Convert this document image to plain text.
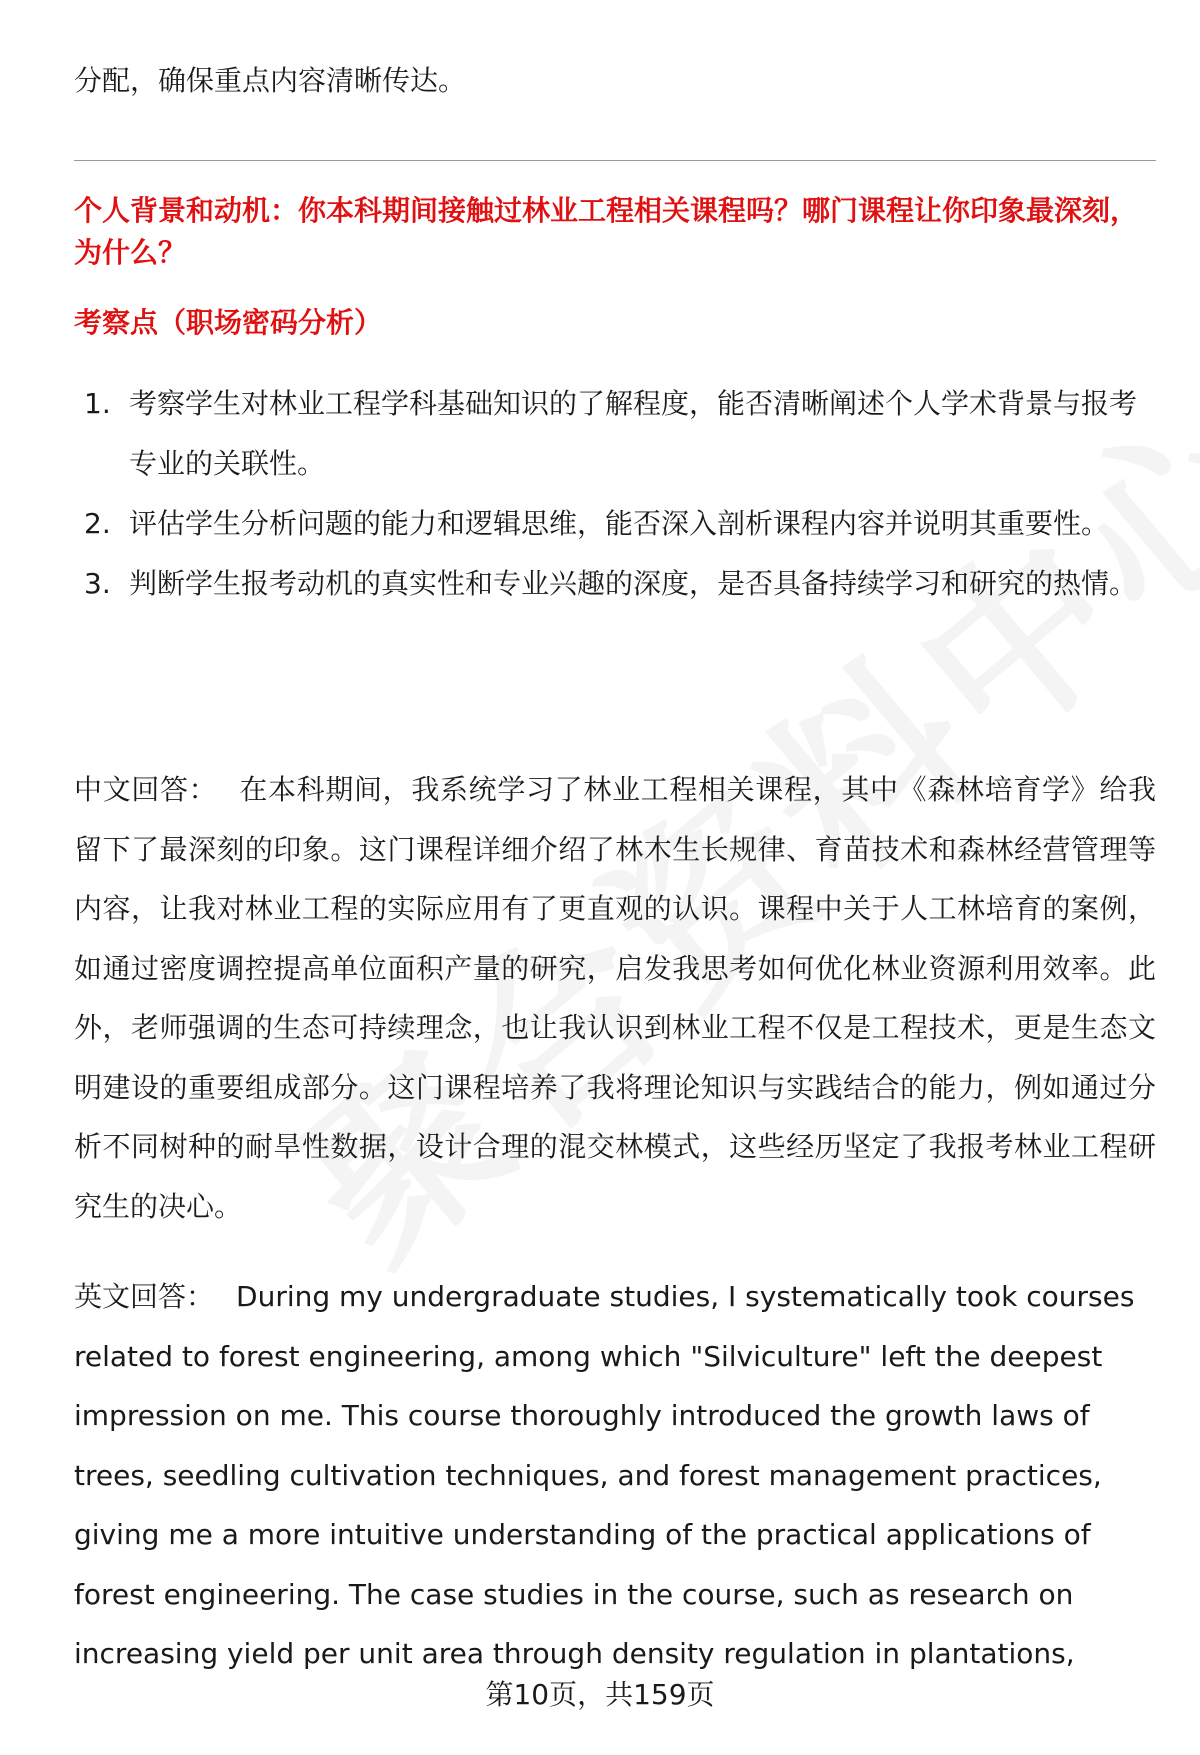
分配，确保重点内容清晰传达。

个人背景和动机：你本科期间接触过林业工程相关课程吗？哪门课程让你印象最深刻，为什么？

考察点（职场密码分析）

1. 考察学生对林业工程学科基础知识的了解程度，能否清晰阐述个人学术背景与报考专业的关联性。
2. 评估学生分析问题的能力和逻辑思维，能否深入剖析课程内容并说明其重要性。
3. 判断学生报考动机的真实性和专业兴趣的深度，是否具备持续学习和研究的热情。

中文回答： 在本科期间，我系统学习了林业工程相关课程，其中《森林培育学》给我留下了最深刻的印象。这门课程详细介绍了林木生长规律、育苗技术和森林经营管理等内容，让我对林业工程的实际应用有了更直观的认识。课程中关于人工林培育的案例，如通过密度调控提高单位面积产量的研究，启发我思考如何优化林业资源利用效率。此外，老师强调的生态可持续理念，也让我认识到林业工程不仅是工程技术，更是生态文明建设的重要组成部分。这门课程培养了我将理论知识与实践结合的能力，例如通过分析不同树种的耐旱性数据，设计合理的混交林模式，这些经历坚定了我报考林业工程研究生的决心。

英文回答： During my undergraduate studies, I systematically took courses related to forest engineering, among which "Silviculture" left the deepest impression on me. This course thoroughly introduced the growth laws of trees, seedling cultivation techniques, and forest management practices, giving me a more intuitive understanding of the practical applications of forest engineering. The case studies in the course, such as research on increasing yield per unit area through density regulation in plantations,

第10页，共159页
